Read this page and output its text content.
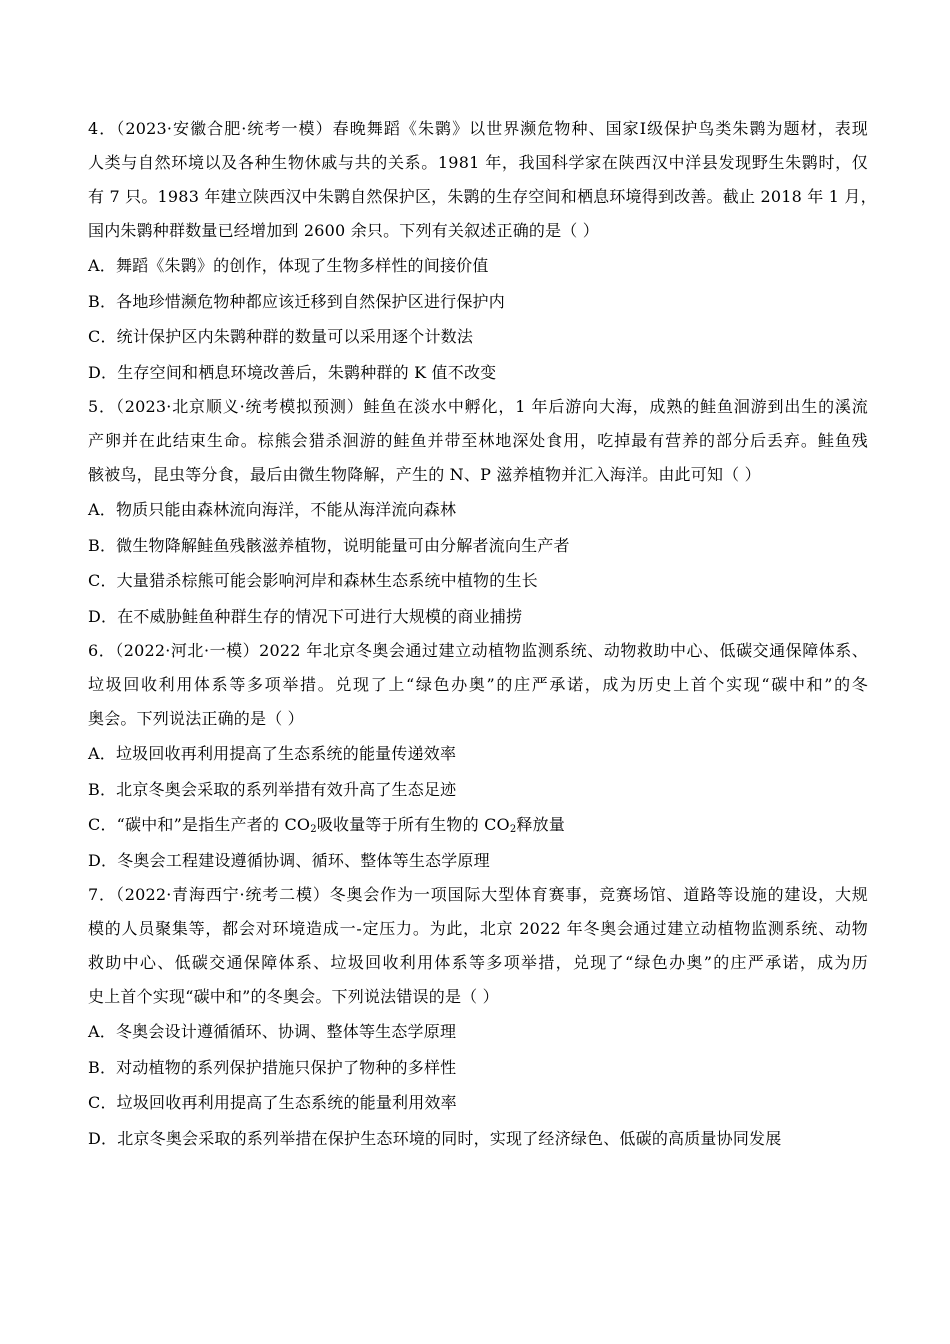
4．（2023·安徽合肥·统考一模）春晚舞蹈《朱鹮》以世界濒危物种、国家Ⅰ级保护鸟类朱鹮为题材，表现
人类与自然环境以及各种生物休戚与共的关系。1981 年，我国科学家在陕西汉中洋县发现野生朱鹮时，仅
有 7 只。1983 年建立陕西汉中朱鹮自然保护区，朱鹮的生存空间和栖息环境得到改善。截止 2018 年 1 月，
国内朱鹮种群数量已经增加到 2600 余只。下列有关叙述正确的是（ ）
A．舞蹈《朱鹮》的创作，体现了生物多样性的间接价值
B．各地珍惜濒危物种都应该迁移到自然保护区进行保护内
C．统计保护区内朱鹮种群的数量可以采用逐个计数法
D．生存空间和栖息环境改善后，朱鹮种群的 K 值不改变
5．（2023·北京顺义·统考模拟预测）鲑鱼在淡水中孵化，1 年后游向大海，成熟的鲑鱼洄游到出生的溪流
产卵并在此结束生命。棕熊会猎杀洄游的鲑鱼并带至林地深处食用，吃掉最有营养的部分后丢弃。鲑鱼残
骸被鸟，昆虫等分食，最后由微生物降解，产生的 N、P 滋养植物并汇入海洋。由此可知（ ）
A．物质只能由森林流向海洋，不能从海洋流向森林
B．微生物降解鲑鱼残骸滋养植物，说明能量可由分解者流向生产者
C．大量猎杀棕熊可能会影响河岸和森林生态系统中植物的生长
D．在不威胁鲑鱼种群生存的情况下可进行大规模的商业捕捞
6．（2022·河北·一模）2022 年北京冬奥会通过建立动植物监测系统、动物救助中心、低碳交通保障体系、
垃圾回收利用体系等多项举措。兑现了上“绿色办奥”的庄严承诺，成为历史上首个实现“碳中和”的冬
奥会。下列说法正确的是（ ）
A．垃圾回收再利用提高了生态系统的能量传递效率
B．北京冬奥会采取的系列举措有效升高了生态足迹
C．“碳中和”是指生产者的 $CO_2$吸收量等于所有生物的 $CO_2$释放量
D．冬奥会工程建设遵循协调、循环、整体等生态学原理
7．（2022·青海西宁·统考二模）冬奥会作为一项国际大型体育赛事，竞赛场馆、道路等设施的建设，大规
模的人员聚集等，都会对环境造成一-定压力。为此，北京 2022 年冬奥会通过建立动植物监测系统、动物
救助中心、低碳交通保障体系、垃圾回收利用体系等多项举措，兑现了“绿色办奥”的庄严承诺，成为历
史上首个实现“碳中和”的冬奥会。下列说法错误的是（ ）
A．冬奥会设计遵循循环、协调、整体等生态学原理
B．对动植物的系列保护措施只保护了物种的多样性
C．垃圾回收再利用提高了生态系统的能量利用效率
D．北京冬奥会采取的系列举措在保护生态环境的同时，实现了经济绿色、低碳的高质量协同发展
